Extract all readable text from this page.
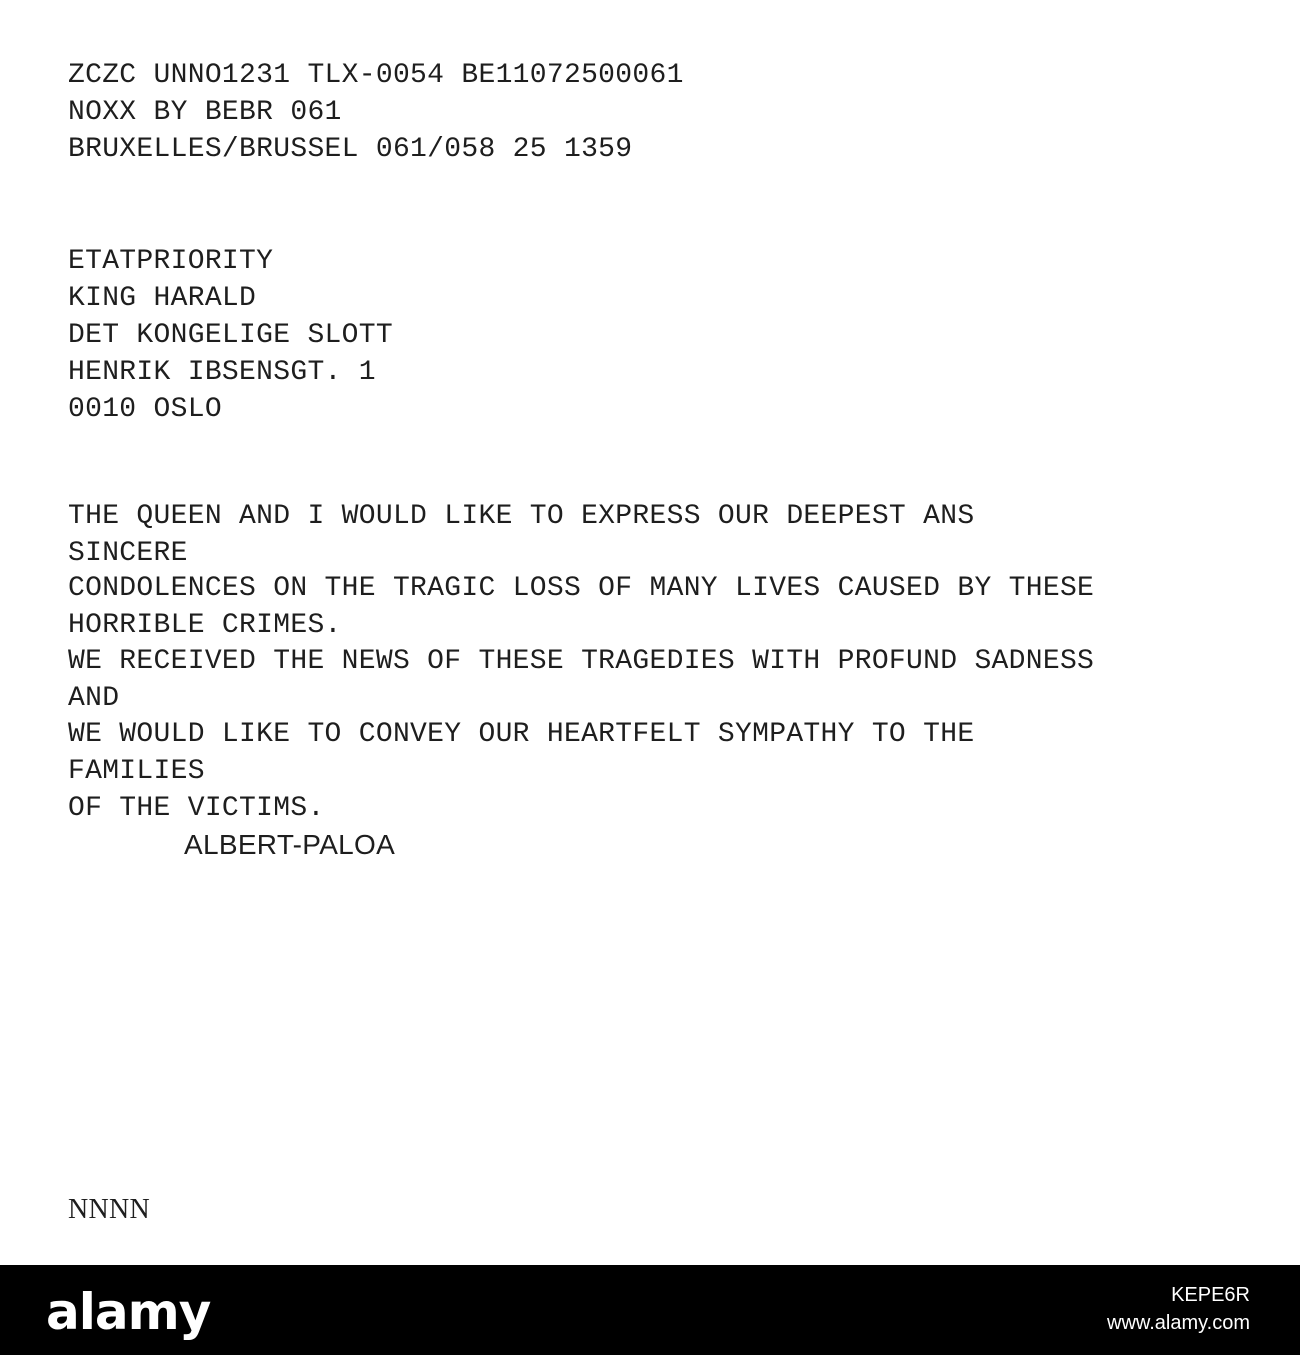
ZCZC UNNO1231 TLX-0054 BE11072500061
NOXX BY BEBR 061
BRUXELLES/BRUSSEL 061/058 25 1359
ETATPRIORITY
KING HARALD
DET KONGELIGE SLOTT
HENRIK IBSENSGT. 1
0010 OSLO
THE QUEEN AND I WOULD LIKE TO EXPRESS OUR DEEPEST ANS
SINCERE
CONDOLENCES ON THE TRAGIC LOSS OF MANY LIVES CAUSED BY THESE
HORRIBLE CRIMES.
WE RECEIVED THE NEWS OF THESE TRAGEDIES WITH PROFUND SADNESS
AND
WE WOULD LIKE TO CONVEY OUR HEARTFELT SYMPATHY TO THE
FAMILIES
OF THE VICTIMS.
ALBERT-PALOA
NNNN
alamy	KEPE6R
www.alamy.com
